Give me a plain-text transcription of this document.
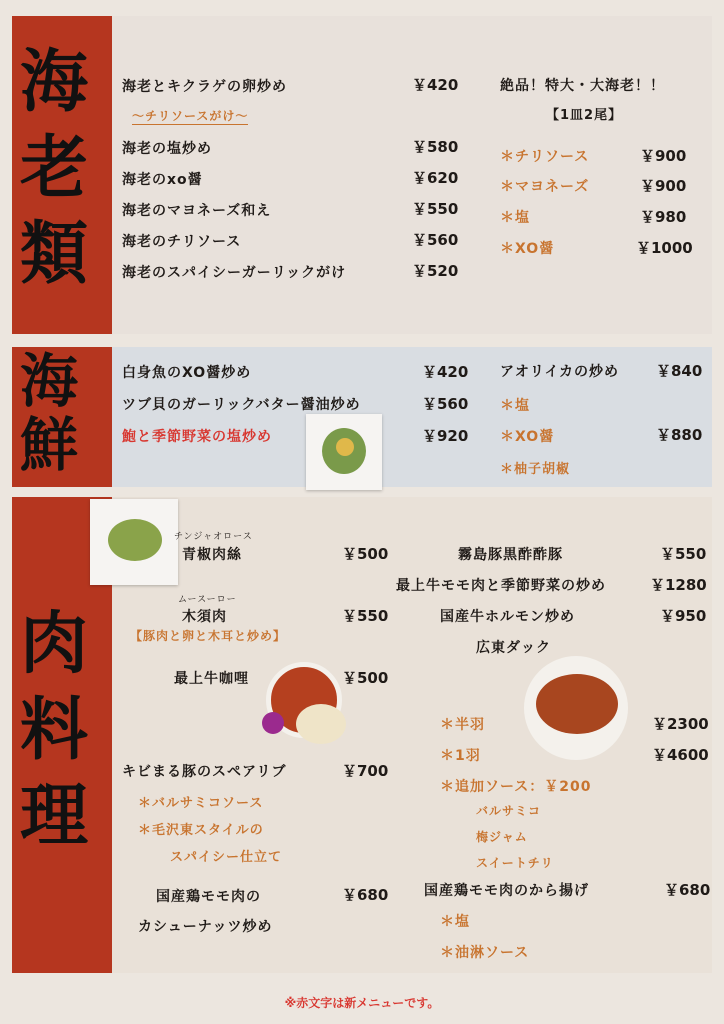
海
老
類
海老とキクラゲの卵炒め	￥420
～チリソースがけ～
海老の塩炒め	￥580
海老のxo醤	￥620
海老のマヨネーズ和え	￥550
海老のチリソース	￥560
海老のスパイシーガーリックがけ	￥520
絶品！特大・大海老！！
【1皿2尾】
＊チリソース	￥900
＊マヨネーズ	￥900
＊塩	￥980
＊XO醤	￥1000
海
鮮
白身魚のXO醤炒め	￥420
ツブ貝のガーリックバター醤油炒め	￥560
鮑と季節野菜の塩炒め	￥920
アオリイカの炒め ￥840
＊塩
＊XO醤	￥880
＊柚子胡椒
肉
料
理
チンジャオロース
青椒肉絲	￥500
ムースーロー
木須肉	￥550
【豚肉と卵と木耳と炒め】
最上牛咖哩	￥500
キビまる豚のスペアリブ	￥700
＊バルサミコソース
＊毛沢東スタイルの
スパイシー仕立て
国産鶏モモ肉の
カシューナッツ炒め
￥680
霧島豚黒酢酢豚	￥550
最上牛モモ肉と季節野菜の炒め	￥1280
国産牛ホルモン炒め	￥950
広東ダック
＊半羽	￥2300
＊1羽	￥4600
＊追加ソース：￥200
バルサミコ
梅ジャム
スイートチリ
国産鶏モモ肉のから揚げ	￥680
＊塩
＊油淋ソース
※赤文字は新メニューです。
